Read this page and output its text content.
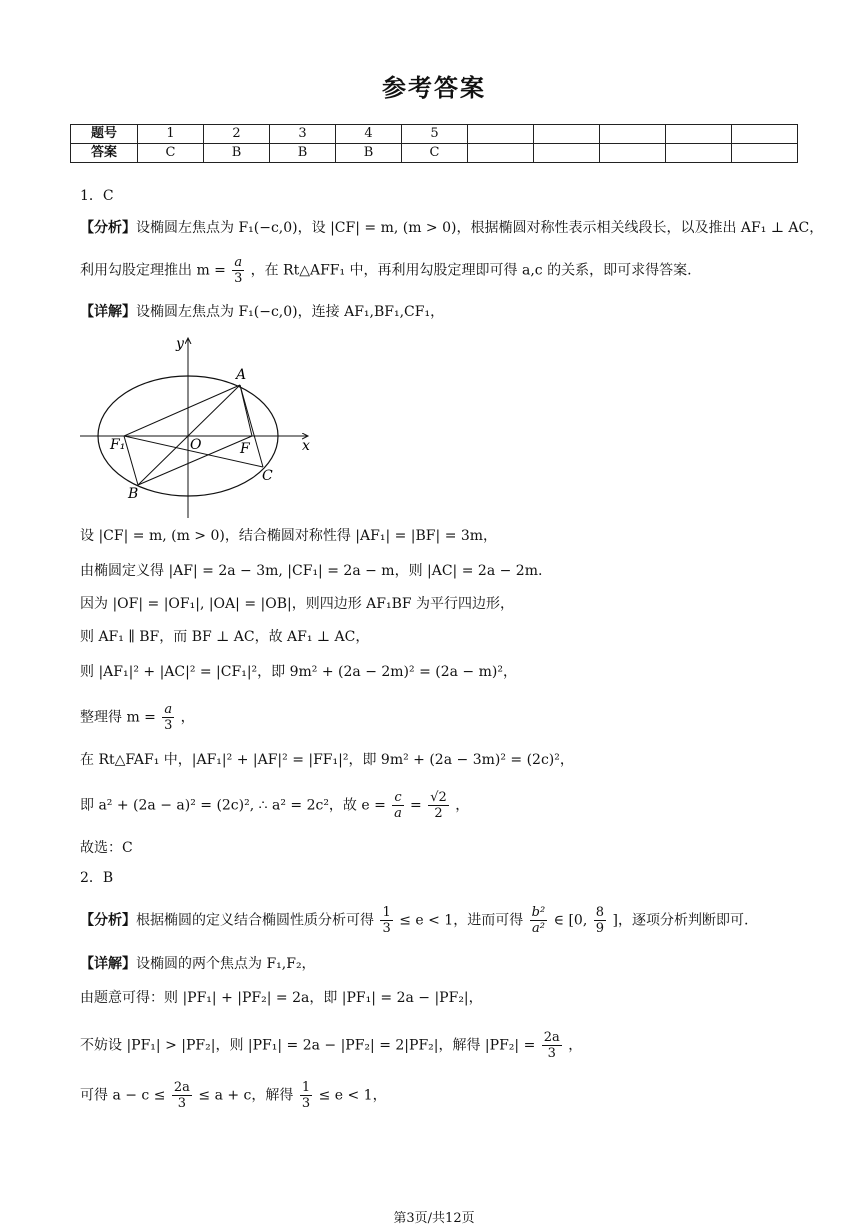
参考答案
题号	1	2	3	4	5					
答案	C	B	B	B	C					
1．C
【分析】设椭圆左焦点为 F₁(−c,0)，设 |CF| = m, (m > 0)，根据椭圆对称性表示相关线段长，以及推出 AF₁ ⊥ AC，
利用勾股定理推出 $m = \frac{a}{3}$ ，在 Rt△AFF₁ 中，再利用勾股定理即可得 a,c 的关系，即可求得答案.
【详解】设椭圆左焦点为 F₁(−c,0)，连接 AF₁,BF₁,CF₁，
y
x
A
B
C
F₁	F
O
设 |CF| = m, (m > 0)，结合椭圆对称性得 |AF₁| = |BF| = 3m，
由椭圆定义得 |AF| = 2a − 3m, |CF₁| = 2a − m，则 |AC| = 2a − 2m.
因为 |OF| = |OF₁|, |OA| = |OB|，则四边形 AF₁BF 为平行四边形，
则 AF₁ ∥ BF，而 BF ⊥ AC，故 AF₁ ⊥ AC，
则 |AF₁|² + |AC|² = |CF₁|²，即 9m² + (2a − 2m)² = (2a − m)²，
整理得 $m = \frac{a}{3}$ ，
在 Rt△FAF₁ 中，|AF₁|² + |AF|² = |FF₁|²，即 9m² + (2a − 3m)² = (2c)²，
即 a² + (2a − a)² = (2c)², ∴ a² = 2c²，故 $e = \frac{c}{a} = \frac{√2}{2}$ ，
故选：C
2．B
【分析】根据椭圆的定义结合椭圆性质分析可得 $\frac{1}{3} \le e < 1$，进而可得 $\frac{\text{b²}}{\text{a²}}$ ∈ [0, $\frac{8}{9}$ ]，逐项分析判断即可.
【详解】设椭圆的两个焦点为 F₁,F₂，
由题意可得：则 |PF₁| + |PF₂| = 2a，即 |PF₁| = 2a − |PF₂|，
不妨设 |PF₁| > |PF₂|，则 |PF₁| = 2a − |PF₂| = 2|PF₂|，解得 $|PF_2| = \frac{2a}{3}$ ，
可得 $a - c \le \frac{2a}{3} \le a + c$，解得 $\frac{1}{3} \le e < 1$，
第3页/共12页
